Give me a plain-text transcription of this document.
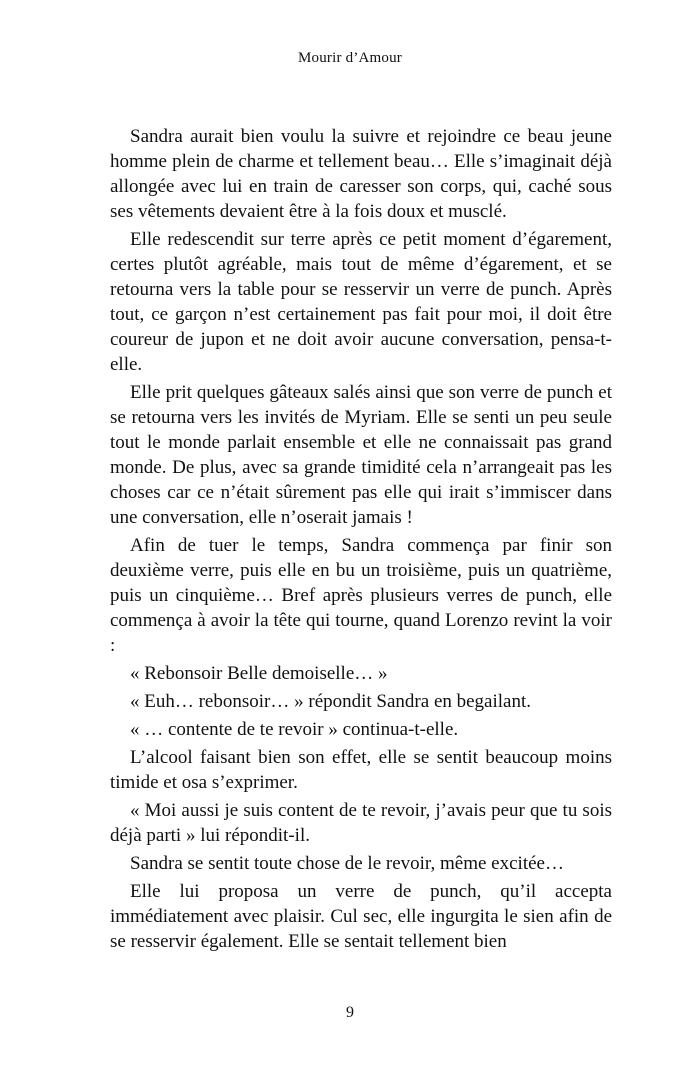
Mourir d’Amour

Sandra aurait bien voulu la suivre et rejoindre ce beau jeune homme plein de charme et tellement beau… Elle s’imaginait déjà allongée avec lui en train de caresser son corps, qui, caché sous ses vêtements devaient être à la fois doux et musclé.

Elle redescendit sur terre après ce petit moment d’égarement, certes plutôt agréable, mais tout de même d’égarement, et se retourna vers la table pour se resservir un verre de punch. Après tout, ce garçon n’est certainement pas fait pour moi, il doit être coureur de jupon et ne doit avoir aucune conversation, pensa-t-elle.

Elle prit quelques gâteaux salés ainsi que son verre de punch et se retourna vers les invités de Myriam. Elle se senti un peu seule tout le monde parlait ensemble et elle ne connaissait pas grand monde. De plus, avec sa grande timidité cela n’arrangeait pas les choses car ce n’était sûrement pas elle qui irait s’immiscer dans une conversation, elle n’oserait jamais !

Afin de tuer le temps, Sandra commença par finir son deuxième verre, puis elle en bu un troisième, puis un quatrième, puis un cinquième… Bref après plusieurs verres de punch, elle commença à avoir la tête qui tourne, quand Lorenzo revint la voir :

« Rebonsoir Belle demoiselle… »

« Euh… rebonsoir… » répondit Sandra en begailant.

« … contente de te revoir » continua-t-elle.

L’alcool faisant bien son effet, elle se sentit beaucoup moins timide et osa s’exprimer.

« Moi aussi je suis content de te revoir, j’avais peur que tu sois déjà parti » lui répondit-il.

Sandra se sentit toute chose de le revoir, même excitée…

Elle lui proposa un verre de punch, qu’il accepta immédiatement avec plaisir. Cul sec, elle ingurgita le sien afin de se resservir également. Elle se sentait tellement bien

9
